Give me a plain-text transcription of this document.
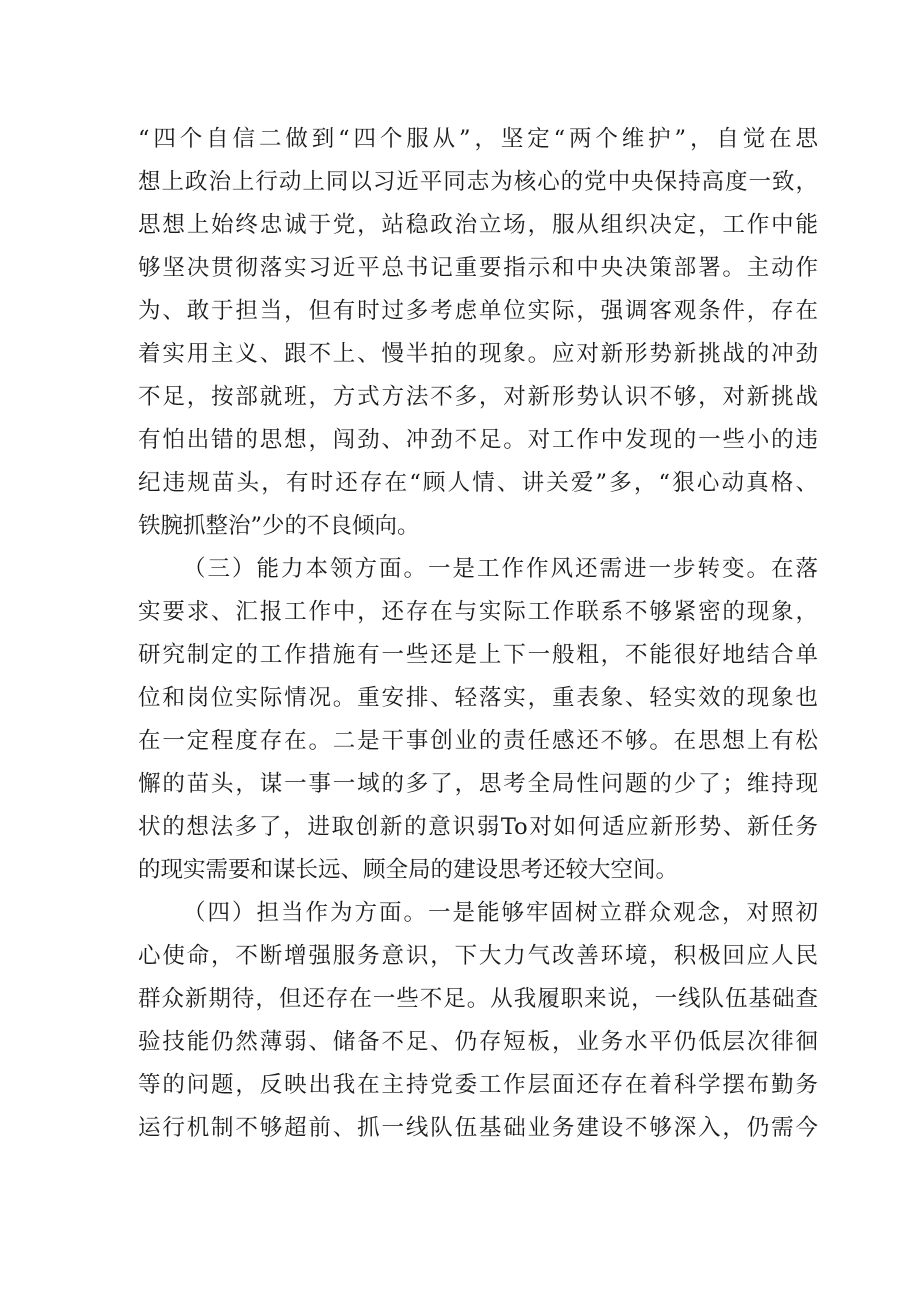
“四个自信二做到“四个服从”，坚定“两个维护”，自觉在思
想上政治上行动上同以习近平同志为核心的党中央保持高度一致，
思想上始终忠诚于党，站稳政治立场，服从组织决定，工作中能
够坚决贯彻落实习近平总书记重要指示和中央决策部署。主动作
为、敢于担当，但有时过多考虑单位实际，强调客观条件，存在
着实用主义、跟不上、慢半拍的现象。应对新形势新挑战的冲劲
不足，按部就班，方式方法不多，对新形势认识不够，对新挑战
有怕出错的思想，闯劲、冲劲不足。对工作中发现的一些小的违
纪违规苗头，有时还存在“顾人情、讲关爱”多，“狠心动真格、
铁腕抓整治”少的不良倾向。
（三）能力本领方面。一是工作作风还需进一步转变。在落
实要求、汇报工作中，还存在与实际工作联系不够紧密的现象，
研究制定的工作措施有一些还是上下一般粗，不能很好地结合单
位和岗位实际情况。重安排、轻落实，重表象、轻实效的现象也
在一定程度存在。二是干事创业的责任感还不够。在思想上有松
懈的苗头，谋一事一域的多了，思考全局性问题的少了；维持现
状的想法多了，进取创新的意识弱To对如何适应新形势、新任务
的现实需要和谋长远、顾全局的建设思考还较大空间。
（四）担当作为方面。一是能够牢固树立群众观念，对照初
心使命，不断增强服务意识，下大力气改善环境，积极回应人民
群众新期待，但还存在一些不足。从我履职来说，一线队伍基础查
验技能仍然薄弱、储备不足、仍存短板，业务水平仍低层次徘徊
等的问题，反映出我在主持党委工作层面还存在着科学摆布勤务
运行机制不够超前、抓一线队伍基础业务建设不够深入，仍需今
